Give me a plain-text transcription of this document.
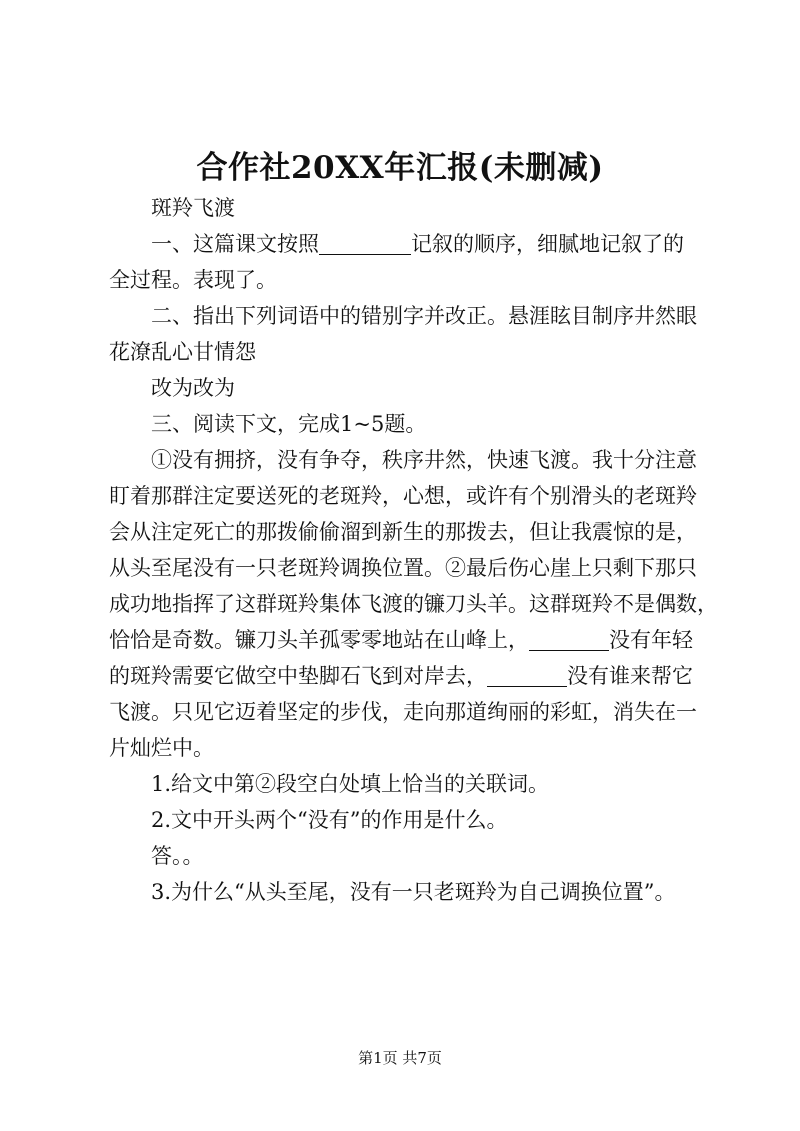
合作社20XX年汇报(未删减)

斑羚飞渡

一、这篇课文按照	记叙的顺序，细腻地记叙了的
全过程。表现了。

二、指出下列词语中的错别字并改正。悬涯眩目制序井然眼
花潦乱心甘情怨

改为改为

三、阅读下文，完成1~5题。

①没有拥挤，没有争夺，秩序井然，快速飞渡。我十分注意
盯着那群注定要送死的老斑羚，心想，或许有个别滑头的老斑羚
会从注定死亡的那拨偷偷溜到新生的那拨去，但让我震惊的是，
从头至尾没有一只老斑羚调换位置。②最后伤心崖上只剩下那只
成功地指挥了这群斑羚集体飞渡的镰刀头羊。这群斑羚不是偶数，
恰恰是奇数。镰刀头羊孤零零地站在山峰上，	没有年轻
的斑羚需要它做空中垫脚石飞到对岸去，	没有谁来帮它
飞渡。只见它迈着坚定的步伐，走向那道绚丽的彩虹，消失在一
片灿烂中。

1.给文中第②段空白处填上恰当的关联词。

2.文中开头两个“没有”的作用是什么。

答。。

3.为什么“从头至尾，没有一只老斑羚为自己调换位置”。

第1页 共7页
